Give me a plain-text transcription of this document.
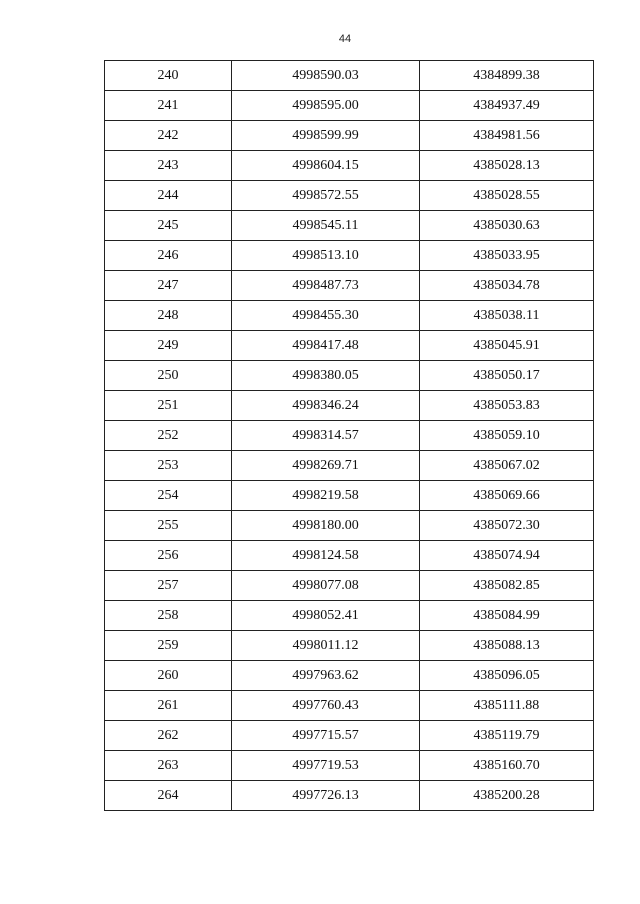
44
240	4998590.03	4384899.38
241	4998595.00	4384937.49
242	4998599.99	4384981.56
243	4998604.15	4385028.13
244	4998572.55	4385028.55
245	4998545.11	4385030.63
246	4998513.10	4385033.95
247	4998487.73	4385034.78
248	4998455.30	4385038.11
249	4998417.48	4385045.91
250	4998380.05	4385050.17
251	4998346.24	4385053.83
252	4998314.57	4385059.10
253	4998269.71	4385067.02
254	4998219.58	4385069.66
255	4998180.00	4385072.30
256	4998124.58	4385074.94
257	4998077.08	4385082.85
258	4998052.41	4385084.99
259	4998011.12	4385088.13
260	4997963.62	4385096.05
261	4997760.43	4385111.88
262	4997715.57	4385119.79
263	4997719.53	4385160.70
264	4997726.13	4385200.28
